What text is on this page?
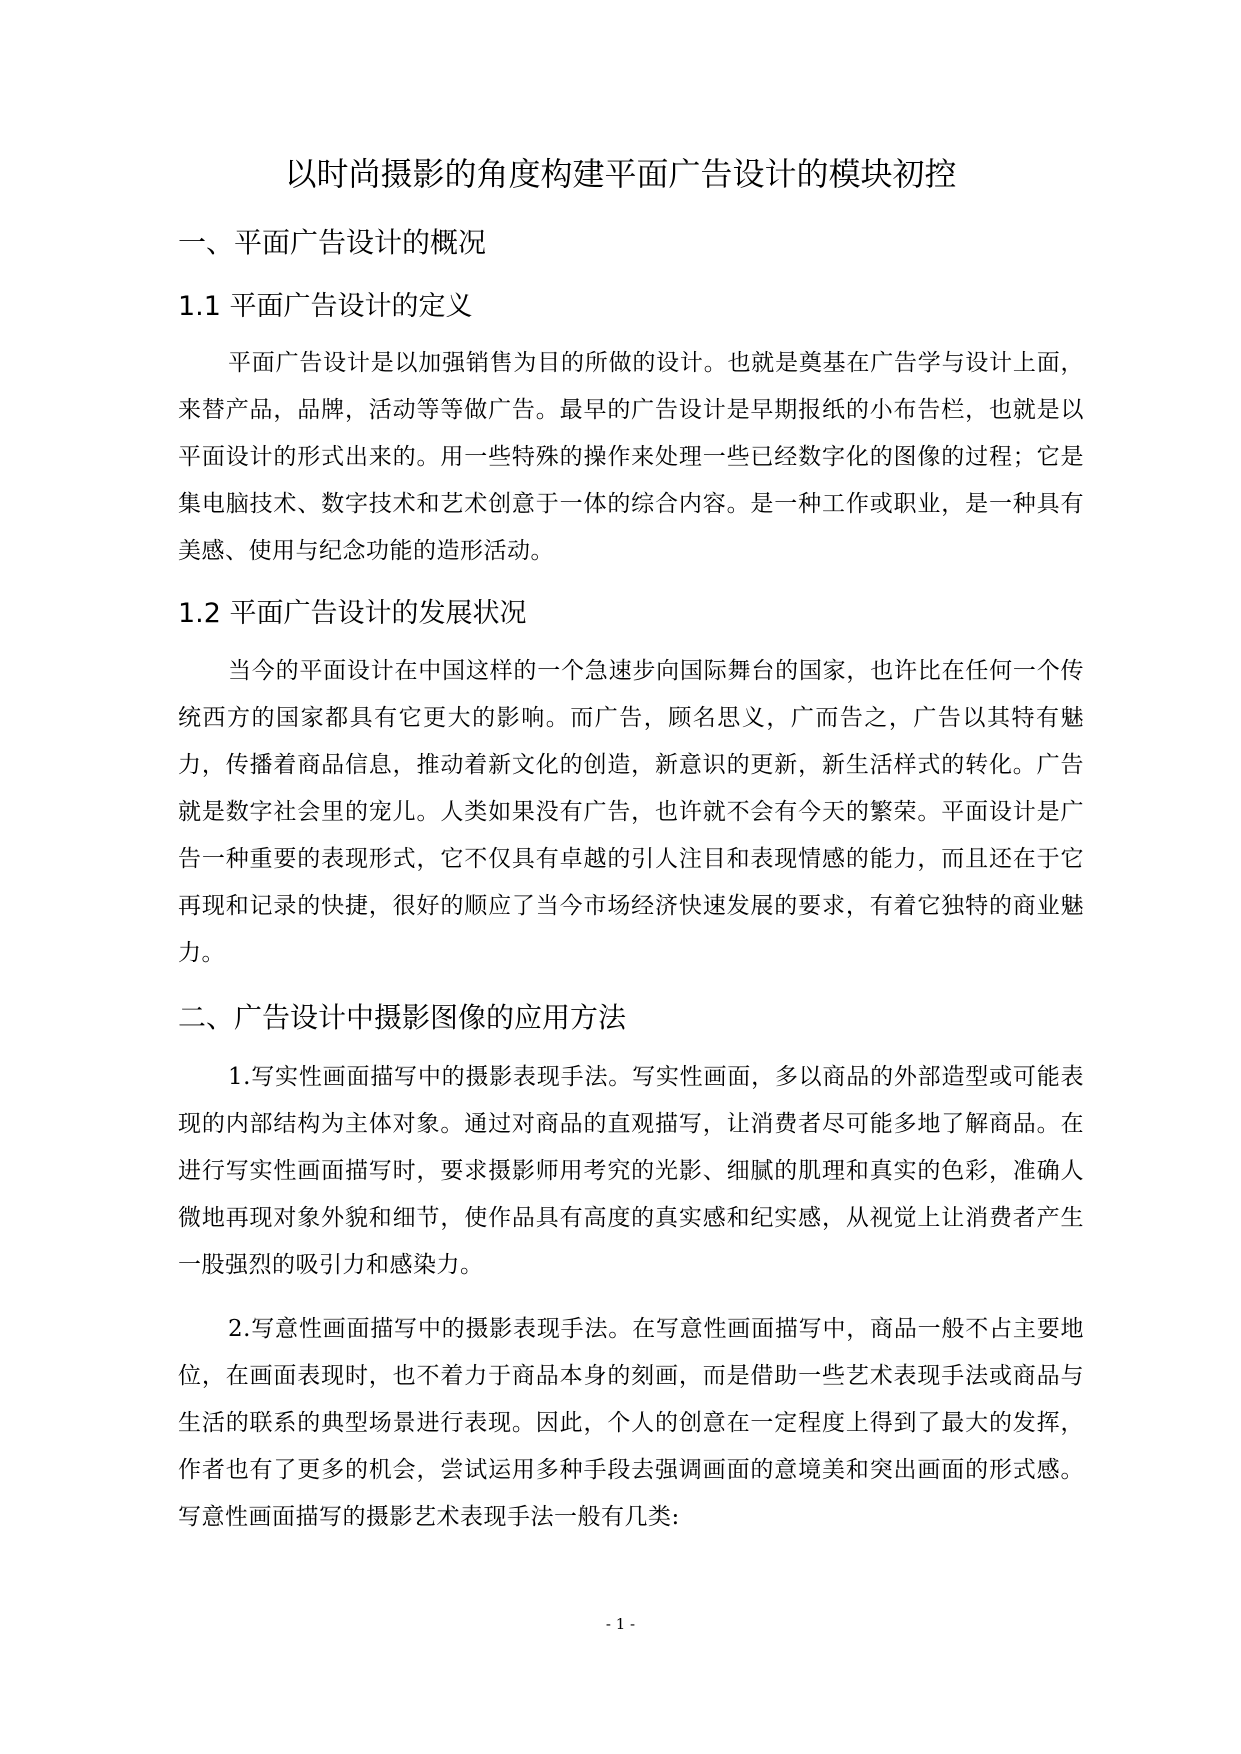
以时尚摄影的角度构建平面广告设计的模块初控
一、平面广告设计的概况
1.1 平面广告设计的定义

平面广告设计是以加强销售为目的所做的设计。也就是奠基在广告学与设计上面，来替产品，品牌，活动等等做广告。最早的广告设计是早期报纸的小布告栏，也就是以平面设计的形式出来的。用一些特殊的操作来处理一些已经数字化的图像的过程；它是集电脑技术、数字技术和艺术创意于一体的综合内容。是一种工作或职业，是一种具有美感、使用与纪念功能的造形活动。

1.2 平面广告设计的发展状况

当今的平面设计在中国这样的一个急速步向国际舞台的国家，也许比在任何一个传统西方的国家都具有它更大的影响。而广告，顾名思义，广而告之，广告以其特有魅力，传播着商品信息，推动着新文化的创造，新意识的更新，新生活样式的转化。广告就是数字社会里的宠儿。人类如果没有广告，也许就不会有今天的繁荣。平面设计是广告一种重要的表现形式，它不仅具有卓越的引人注目和表现情感的能力，而且还在于它再现和记录的快捷，很好的顺应了当今市场经济快速发展的要求，有着它独特的商业魅力。

二、广告设计中摄影图像的应用方法

1.写实性画面描写中的摄影表现手法。写实性画面，多以商品的外部造型或可能表现的内部结构为主体对象。通过对商品的直观描写，让消费者尽可能多地了解商品。在进行写实性画面描写时，要求摄影师用考究的光影、细腻的肌理和真实的色彩，准确人微地再现对象外貌和细节，使作品具有高度的真实感和纪实感，从视觉上让消费者产生一股强烈的吸引力和感染力。

2.写意性画面描写中的摄影表现手法。在写意性画面描写中，商品一般不占主要地位，在画面表现时，也不着力于商品本身的刻画，而是借助一些艺术表现手法或商品与生活的联系的典型场景进行表现。因此，个人的创意在一定程度上得到了最大的发挥，作者也有了更多的机会，尝试运用多种手段去强调画面的意境美和突出画面的形式感。写意性画面描写的摄影艺术表现手法一般有几类:

- 1 -
